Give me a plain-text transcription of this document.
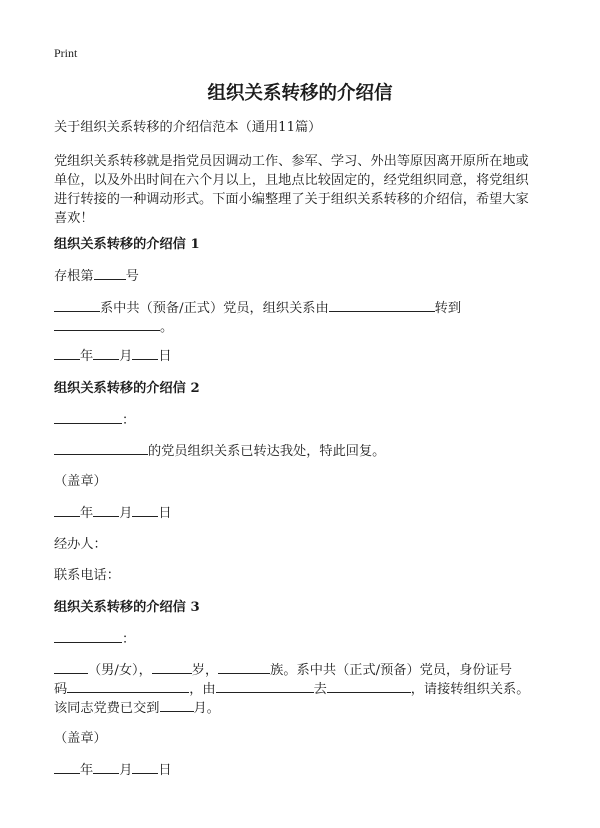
Print
组织关系转移的介绍信
关于组织关系转移的介绍信范本（通用11篇）
党组织关系转移就是指党员因调动工作、参军、学习、外出等原因离开原所在地或
单位，以及外出时间在六个月以上，且地点比较固定的，经党组织同意，将党组织
进行转接的一种调动形式。下面小编整理了关于组织关系转移的介绍信，希望大家
喜欢！
组织关系转移的介绍信 1
存根第 号
系中共（预备/正式）党员，组织关系由	转到
。
年 月 日
组织关系转移的介绍信 2
：
的党员组织关系已转达我处，特此回复。
（盖章）
年 月 日
经办人：
联系电话：
组织关系转移的介绍信 3
：
（男/女），	岁，	族。系中共（正式/预备）党员，身份证号
码	，由	去	，请接转组织关系。
该同志党费已交到	月。
（盖章）
年 月 日
